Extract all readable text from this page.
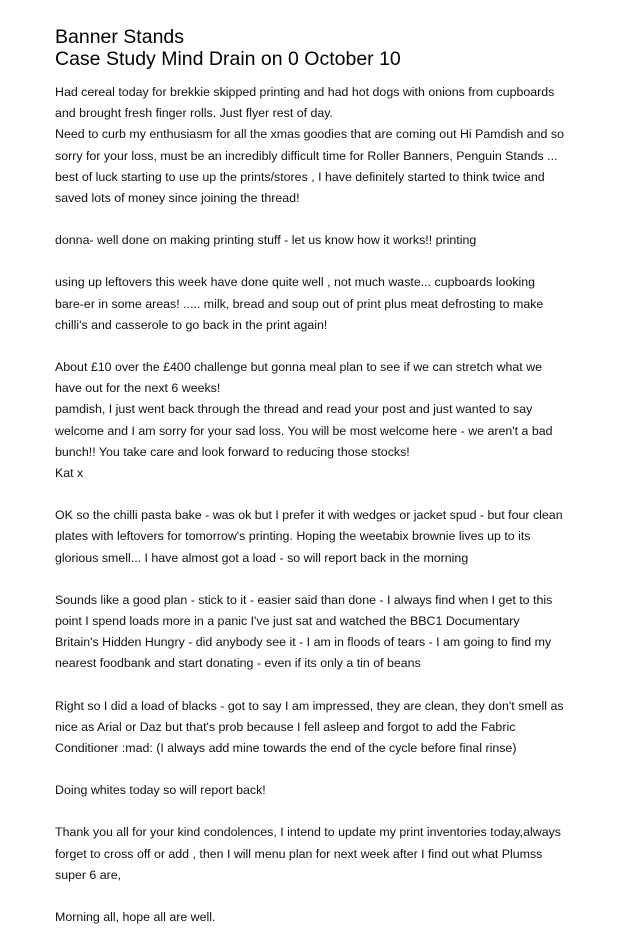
Banner Stands
Case Study Mind Drain on 0 October 10

Had cereal today for brekkie skipped printing and had hot dogs with onions from cupboards
and brought fresh finger rolls. Just flyer rest of day.
Need to curb my enthusiasm for all the xmas goodies that are coming out Hi Pamdish and so
sorry for your loss, must be an incredibly difficult time for Roller Banners, Penguin Stands ...
best of luck starting to use up the prints/stores , I have definitely started to think twice and
saved lots of money since joining the thread!

donna- well done on making printing stuff - let us know how it works!! printing

using up leftovers this week have done quite well , not much waste... cupboards looking
bare-er in some areas! ..... milk, bread and soup out of print plus meat defrosting to make
chilli's and casserole to go back in the print again!

About £10 over the £400 challenge but gonna meal plan to see if we can stretch what we
have out for the next 6 weeks!
pamdish, I just went back through the thread and read your post and just wanted to say
welcome and I am sorry for your sad loss. You will be most welcome here - we aren't a bad
bunch!! You take care and look forward to reducing those stocks!
Kat x

OK so the chilli pasta bake - was ok but I prefer it with wedges or jacket spud - but four clean
plates with leftovers for tomorrow's printing. Hoping the weetabix brownie lives up to its
glorious smell... I have almost got a load - so will report back in the morning

Sounds like a good plan - stick to it - easier said than done - I always find when I get to this
point I spend loads more in a panic I've just sat and watched the BBC1 Documentary
Britain's Hidden Hungry - did anybody see it - I am in floods of tears - I am going to find my
nearest foodbank and start donating - even if its only a tin of beans

Right so I did a load of blacks - got to say I am impressed, they are clean, they don't smell as
nice as Arial or Daz but that's prob because I fell asleep and forgot to add the Fabric
Conditioner :mad: (I always add mine towards the end of the cycle before final rinse)

Doing whites today so will report back!

Thank you all for your kind condolences, I intend to update my print inventories today,always
forget to cross off or add , then I will menu plan for next week after I find out what Plumss
super 6 are,

Morning all, hope all are well.
